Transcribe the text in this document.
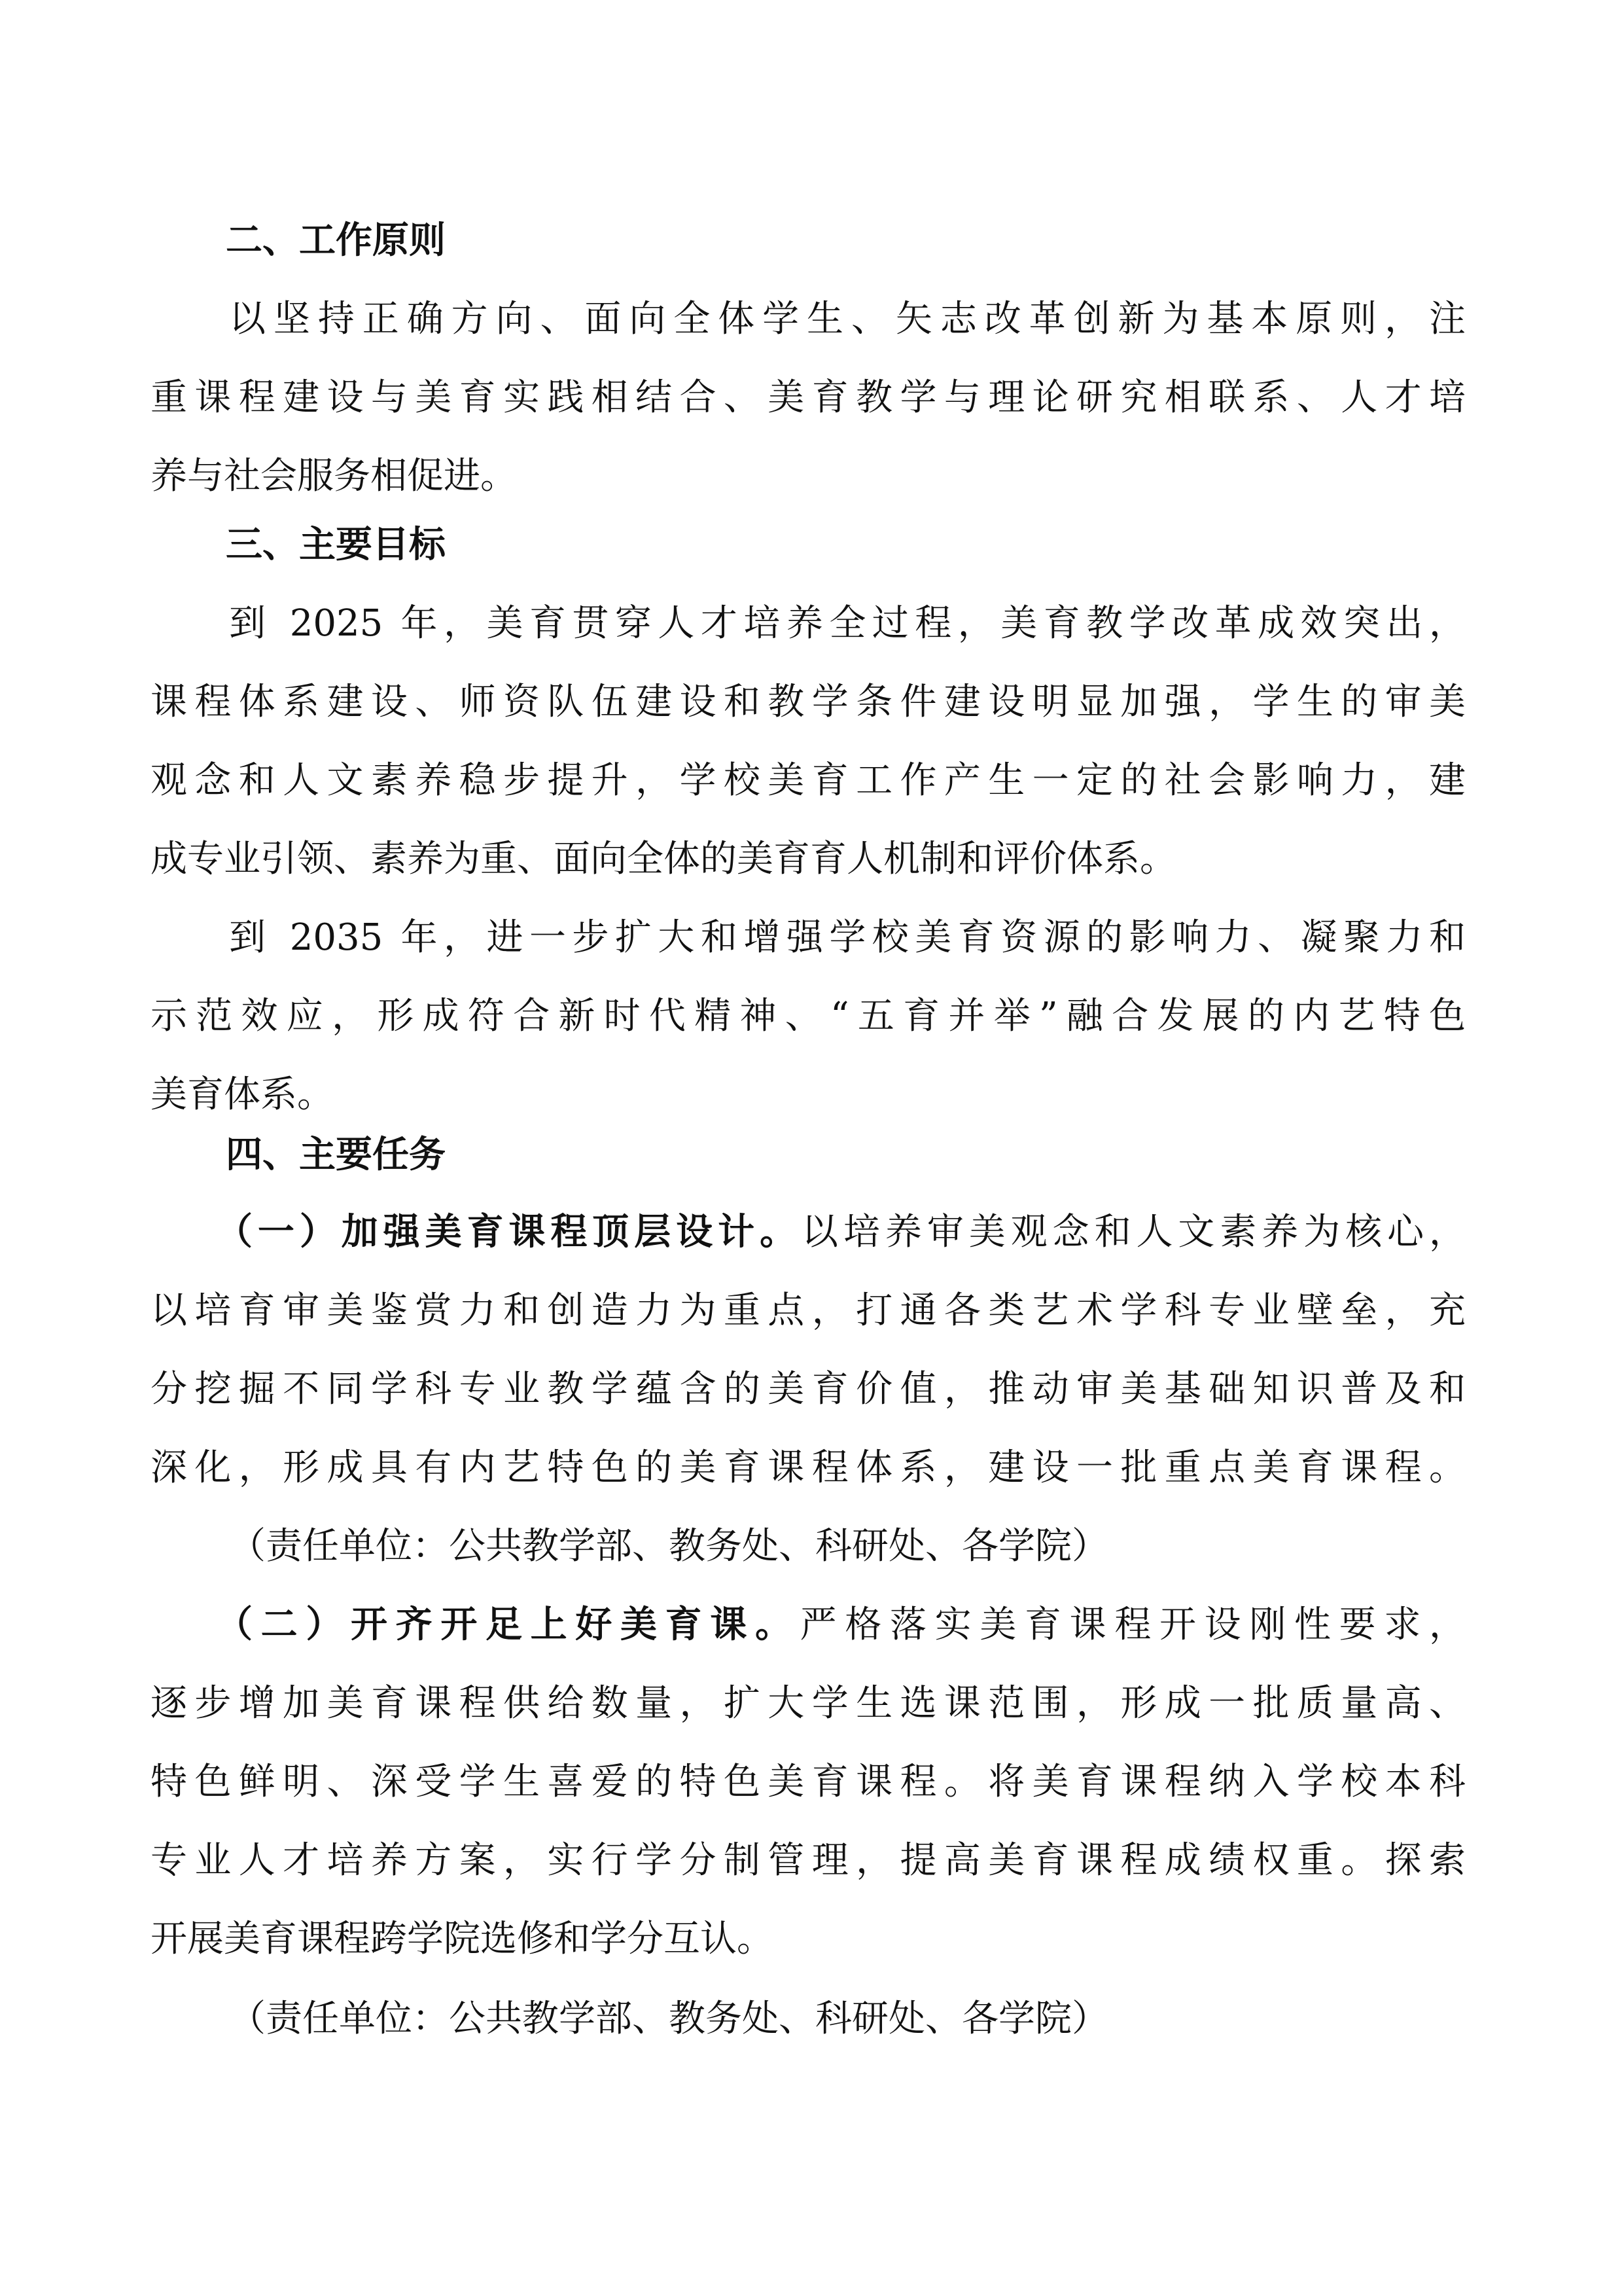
二、工作原则
以坚持正确方向、面向全体学生、矢志改革创新为基本原则，注
重课程建设与美育实践相结合、美育教学与理论研究相联系、人才培
养与社会服务相促进。
三、主要目标
到 2025 年，美育贯穿人才培养全过程，美育教学改革成效突出，
课程体系建设、师资队伍建设和教学条件建设明显加强，学生的审美
观念和人文素养稳步提升，学校美育工作产生一定的社会影响力，建
成专业引领、素养为重、面向全体的美育育人机制和评价体系。
到 2035 年，进一步扩大和增强学校美育资源的影响力、凝聚力和
示范效应，形成符合新时代精神、“五育并举”融合发展的内艺特色
美育体系。
四、主要任务
（一）加强美育课程顶层设计。以培养审美观念和人文素养为核心，
以培育审美鉴赏力和创造力为重点，打通各类艺术学科专业壁垒，充
分挖掘不同学科专业教学蕴含的美育价值，推动审美基础知识普及和
深化，形成具有内艺特色的美育课程体系，建设一批重点美育课程。
（责任单位：公共教学部、教务处、科研处、各学院）
（二）开齐开足上好美育课。严格落实美育课程开设刚性要求，
逐步增加美育课程供给数量，扩大学生选课范围，形成一批质量高、
特色鲜明、深受学生喜爱的特色美育课程。将美育课程纳入学校本科
专业人才培养方案，实行学分制管理，提高美育课程成绩权重。探索
开展美育课程跨学院选修和学分互认。
（责任单位：公共教学部、教务处、科研处、各学院）
